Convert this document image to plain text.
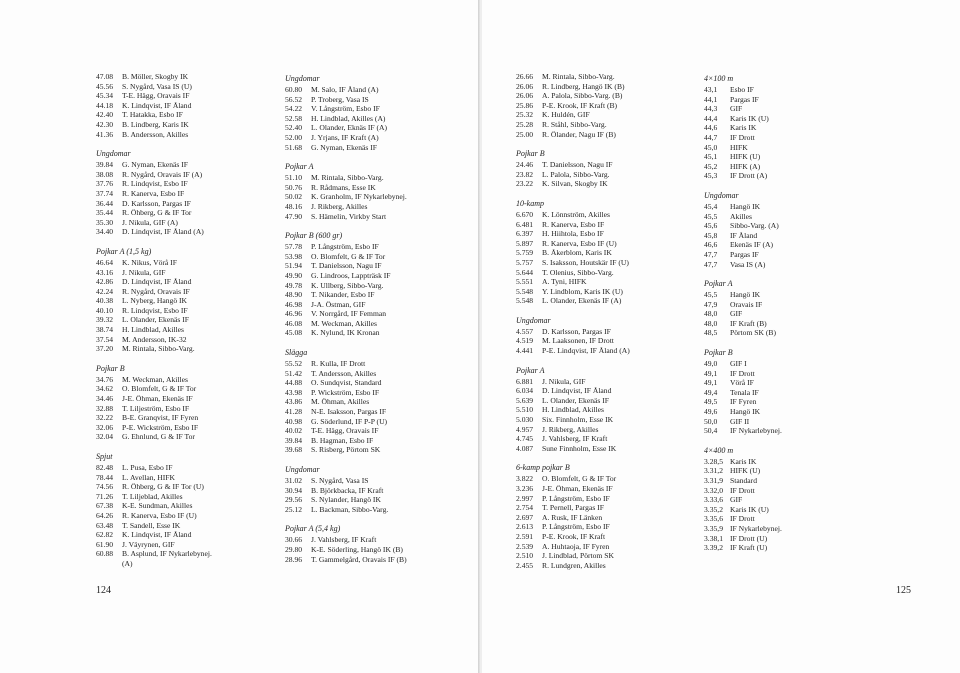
47.08 B. Möller, Skogby IK
45.56 S. Nygård, Vasa IS (U)
45.34 T-E. Hägg, Oravais IF
44.18 K. Lindqvist, IF Åland
42.40 T. Hatakka, Esbo IF
42.30 B. Lindberg, Karis IK
41.36 B. Andersson, Akilles
Ungdomar
39.84 G. Nyman, Ekenäs IF
38.08 R. Nygård, Oravais IF (A)
37.76 R. Lindqvist, Esbo IF
37.74 R. Kanerva, Esbo IF
36.44 D. Karlsson, Pargas IF
35.44 R. Öhberg, G & IF Tor
35.30 J. Nikula, GIF (A)
34.40 D. Lindqvist, IF Åland (A)
Pojkar A (1,5 kg)
46.64 K. Nikus, Vörå IF
43.16 J. Nikula, GIF
42.86 D. Lindqvist, IF Åland
42.24 R. Nygård, Oravais IF
40.38 L. Nyberg, Hangö IK
40.10 R. Lindqvist, Esbo IF
39.32 L. Olander, Ekenäs IF
38.74 H. Lindblad, Akilles
37.54 M. Andersson, IK-32
37.20 M. Rintala, Sibbo-Varg.
Pojkar B
34.76 M. Weckman, Akilles
34.62 O. Blomfelt, G & IF Tor
34.46 J-E. Öhman, Ekenäs IF
32.88 T. Liljeström, Esbo IF
32.22 B-E. Granqvist, IF Fyren
32.06 P-E. Wickström, Esbo IF
32.04 G. Ehnlund, G & IF Tor
Spjut
82.48 L. Pusa, Esbo IF
78.44 L. Avellan, HIFK
74.56 R. Öhberg, G & IF Tor (U)
71.26 T. Liljeblad, Akilles
67.38 K-E. Sundman, Akilles
64.26 R. Kanerva, Esbo IF (U)
63.48 T. Sandell, Esse IK
62.82 K. Lindqvist, IF Åland
61.90 J. Väyrynen, GIF
60.88 B. Asplund, IF Nykarlebynej.
(A)
Ungdomar
60.80 M. Salo, IF Åland (A)
56.52 P. Troberg, Vasa IS
54.22 V. Långström, Esbo IF
52.58 H. Lindblad, Akilles (A)
52.40 L. Olander, Eknäs IF (A)
52.00 J. Yrjans, IF Kraft (A)
51.68 G. Nyman, Ekenäs IF
Pojkar A
51.10 M. Rintala, Sibbo-Varg.
50.76 R. Rådmans, Esse IK
50.02 K. Granholm, IF Nykarlebynej.
48.16 J. Rikberg, Akilles
47.90 S. Hämelin, Virkby Start
Pojkar B (600 gr)
57.78 P. Långström, Esbo IF
53.98 O. Blomfelt, G & IF Tor
51.94 T. Danielsson, Nagu IF
49.90 G. Lindroos, Lappträsk IF
49.78 K. Ullberg, Sibbo-Varg.
48.90 T. Nikander, Esbo IF
46.98 J-A. Östman, GIF
46.96 V. Norrgård, IF Femman
46.08 M. Weckman, Akilles
45.08 K. Nylund, IK Kronan
Slägga
55.52 R. Kulla, IF Drott
51.42 T. Andersson, Akilles
44.88 O. Sundqvist, Standard
43.98 P. Wickström, Esbo IF
43.86 M. Öhman, Akilles
41.28 N-E. Isaksson, Pargas IF
40.98 G. Söderlund, IF P-P (U)
40.02 T-E. Hägg, Oravais IF
39.84 B. Hagman, Esbo IF
39.68 S. Risberg, Pörtom SK
Ungdomar
31.02 S. Nygård, Vasa IS
30.94 B. Björkbacka, IF Kraft
29.56 S. Nylander, Hangö IK
25.12 L. Backman, Sibbo-Varg.
Pojkar A (5,4 kg)
30.66 J. Vahlsberg, IF Kraft
29.80 K-E. Söderling, Hangö IK (B)
28.96 T. Gammelgård, Oravais IF (B)
124
26.66 M. Rintala, Sibbo-Varg.
26.06 R. Lindberg, Hangö IK (B)
26.06 A. Palola, Sibbo-Varg. (B)
25.86 P-E. Krook, IF Kraft (B)
25.32 K. Huldén, GIF
25.28 R. Ståhl, Sibbo-Varg.
25.00 R. Ölander, Nagu IF (B)
Pojkar B
24.46 T. Danielsson, Nagu IF
23.82 L. Palola, Sibbo-Varg.
23.22 K. Silvan, Skogby IK
10-kamp
6.670 K. Lönnström, Akilles
6.481 R. Kanerva, Esbo IF
6.397 H. Hiihtola, Esbo IF
5.897 R. Kanerva, Esbo IF (U)
5.759 B. Åkerblom, Karis IK
5.757 S. Isaksson, Houtskär IF (U)
5.644 T. Olenius, Sibbo-Varg.
5.551 A. Tyni, HIFK
5.548 Y. Lindblom, Karis IK (U)
5.548 L. Olander, Ekenäs IF (A)
Ungdomar
4.557 D. Karlsson, Pargas IF
4.519 M. Laaksonen, IF Drott
4.441 P-E. Lindqvist, IF Åland (A)
Pojkar A
6.881 J. Nikula, GIF
6.034 D. Lindqvist, IF Åland
5.639 L. Olander, Ekenäs IF
5.510 H. Lindblad, Akilles
5.030 Six. Finnholm, Esse IK
4.957 J. Rikberg, Akilles
4.745 J. Vahlsberg, IF Kraft
4.087 Sune Finnholm, Esse IK
6-kamp pojkar B
3.822 O. Blomfelt, G & IF Tor
3.236 J-E. Öhman, Ekenäs IF
2.997 P. Långström, Esbo IF
2.754 T. Pernell, Pargas IF
2.697 A. Rusk, IF Länken
2.613 P. Långström, Esbo IF
2.591 P-E. Krook, IF Kraft
2.539 A. Huhtaoja, IF Fyren
2.510 J. Lindblad, Pörtom SK
2.455 R. Lundgren, Akilles
4×100 m
43,1 Esbo IF
44,1 Pargas IF
44,3 GIF
44,4 Karis IK (U)
44,6 Karis IK
44,7 IF Drott
45,0 HIFK
45,1 HIFK (U)
45,2 HIFK (A)
45,3 IF Drott (A)
Ungdomar
45,4 Hangö IK
45,5 Akilles
45,6 Sibbo-Varg. (A)
45,8 IF Åland
46,6 Ekenäs IF (A)
47,7 Pargas IF
47,7 Vasa IS (A)
Pojkar A
45,5 Hangö IK
47,9 Oravais IF
48,0 GIF
48,0 IF Kraft (B)
48,5 Pörtom SK (B)
Pojkar B
49,0 GIF I
49,1 IF Drott
49,1 Vörå IF
49,4 Tenala IF
49,5 IF Fyren
49,6 Hangö IK
50,0 GIF II
50,4 IF Nykarlebynej.
4×400 m
3.28,5 Karis IK
3.31,2 HIFK (U)
3.31,9 Standard
3.32,0 IF Drott
3.33,6 GIF
3.35,2 Karis IK (U)
3.35,6 IF Drott
3.35,9 IF Nykarlebynej.
3.38,1 IF Drott (U)
3.39,2 IF Kraft (U)
125
